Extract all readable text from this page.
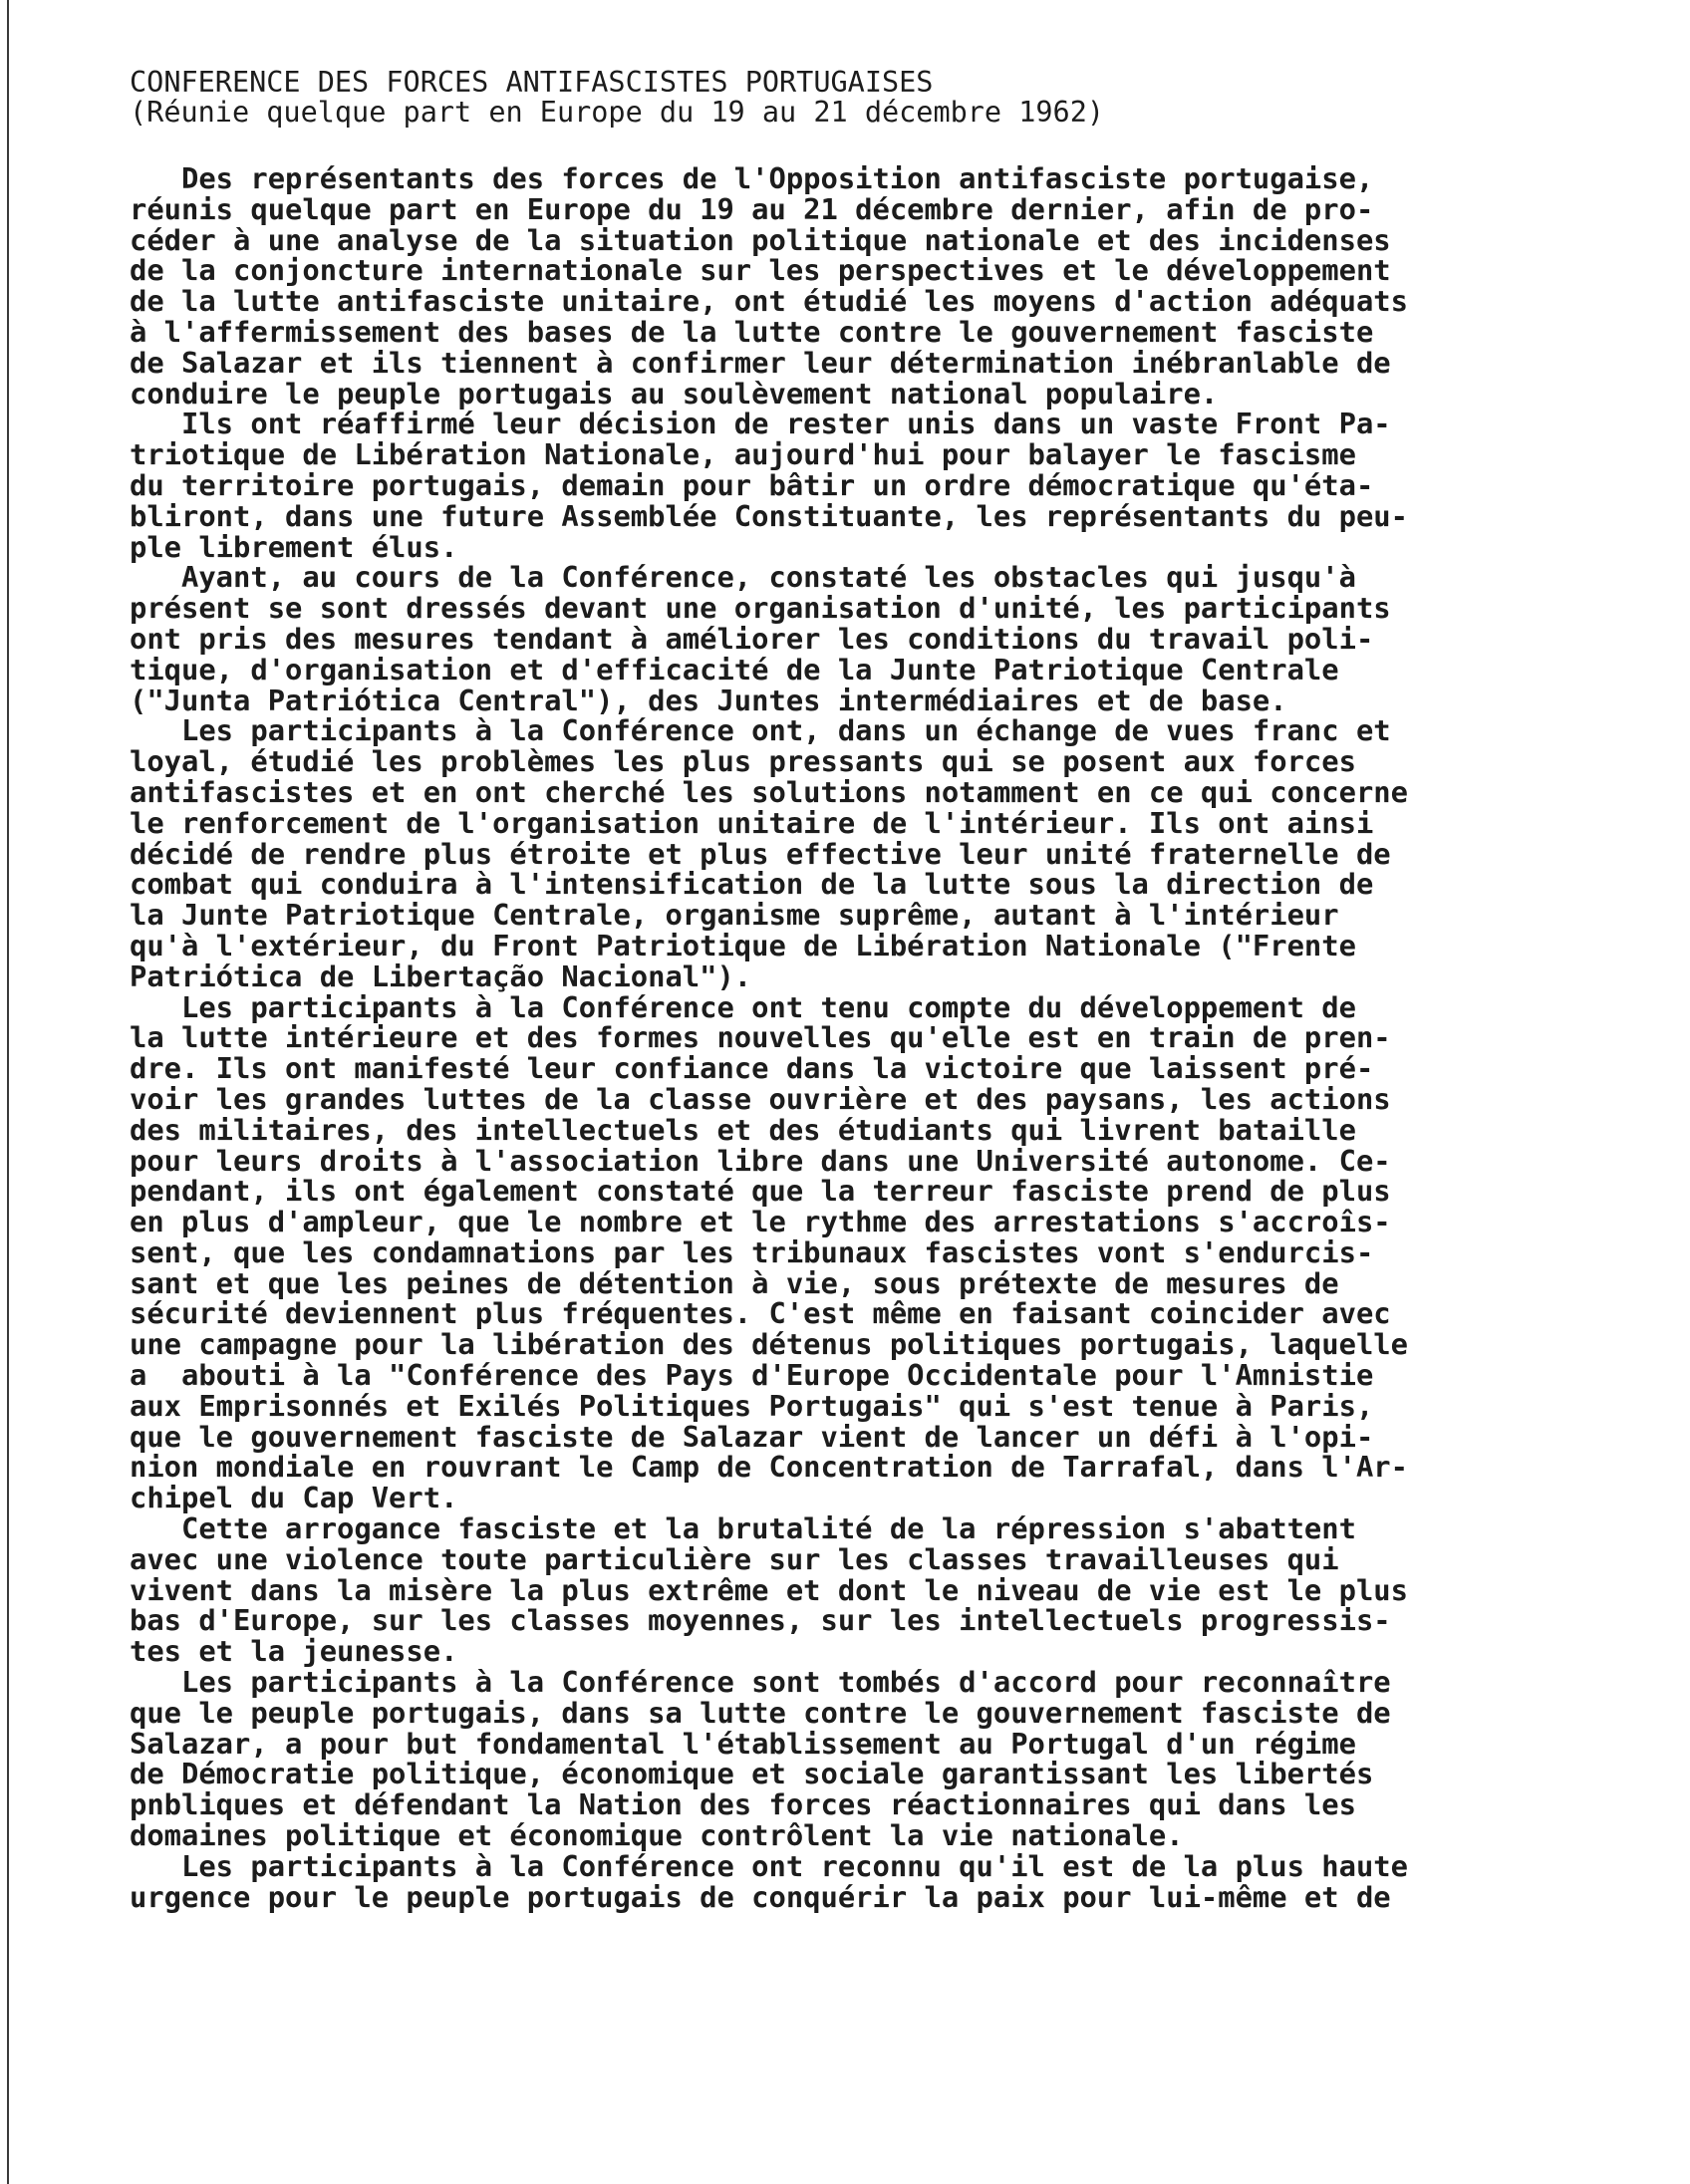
CONFERENCE DES FORCES ANTIFASCISTES PORTUGAISES
(Réunie quelque part en Europe du 19 au 21 décembre 1962)
Des représentants des forces de l'Opposition antifasciste portugaise,
réunis quelque part en Europe du 19 au 21 décembre dernier, afin de pro-
céder à une analyse de la situation politique nationale et des incidenses
de la conjoncture internationale sur les perspectives et le développement
de la lutte antifasciste unitaire, ont étudié les moyens d'action adéquats
à l'affermissement des bases de la lutte contre le gouvernement fasciste
de Salazar et ils tiennent à confirmer leur détermination inébranlable de
conduire le peuple portugais au soulèvement national populaire.
Ils ont réaffirmé leur décision de rester unis dans un vaste Front Pa-
triotique de Libération Nationale, aujourd'hui pour balayer le fascisme
du territoire portugais, demain pour bâtir un ordre démocratique qu'éta-
bliront, dans une future Assemblée Constituante, les représentants du peu-
ple librement élus.
Ayant, au cours de la Conférence, constaté les obstacles qui jusqu'à
présent se sont dressés devant une organisation d'unité, les participants
ont pris des mesures tendant à améliorer les conditions du travail poli-
tique, d'organisation et d'efficacité de la Junte Patriotique Centrale
("Junta Patriótica Central"), des Juntes intermédiaires et de base.
Les participants à la Conférence ont, dans un échange de vues franc et
loyal, étudié les problèmes les plus pressants qui se posent aux forces
antifascistes et en ont cherché les solutions notamment en ce qui concerne
le renforcement de l'organisation unitaire de l'intérieur. Ils ont ainsi
décidé de rendre plus étroite et plus effective leur unité fraternelle de
combat qui conduira à l'intensification de la lutte sous la direction de
la Junte Patriotique Centrale, organisme suprême, autant à l'intérieur
qu'à l'extérieur, du Front Patriotique de Libération Nationale ("Frente
Patriótica de Libertação Nacional").
Les participants à la Conférence ont tenu compte du développement de
la lutte intérieure et des formes nouvelles qu'elle est en train de pren-
dre. Ils ont manifesté leur confiance dans la victoire que laissent pré-
voir les grandes luttes de la classe ouvrière et des paysans, les actions
des militaires, des intellectuels et des étudiants qui livrent bataille
pour leurs droits à l'association libre dans une Université autonome. Ce-
pendant, ils ont également constaté que la terreur fasciste prend de plus
en plus d'ampleur, que le nombre et le rythme des arrestations s'accroîs-
sent, que les condamnations par les tribunaux fascistes vont s'endurcis-
sant et que les peines de détention à vie, sous prétexte de mesures de
sécurité deviennent plus fréquentes. C'est même en faisant coincider avec
une campagne pour la libération des détenus politiques portugais, laquelle
a  abouti à la "Conférence des Pays d'Europe Occidentale pour l'Amnistie
aux Emprisonnés et Exilés Politiques Portugais" qui s'est tenue à Paris,
que le gouvernement fasciste de Salazar vient de lancer un défi à l'opi-
nion mondiale en rouvrant le Camp de Concentration de Tarrafal, dans l'Ar-
chipel du Cap Vert.
Cette arrogance fasciste et la brutalité de la répression s'abattent
avec une violence toute particulière sur les classes travailleuses qui
vivent dans la misère la plus extrême et dont le niveau de vie est le plus
bas d'Europe, sur les classes moyennes, sur les intellectuels progressis-
tes et la jeunesse.
Les participants à la Conférence sont tombés d'accord pour reconnaître
que le peuple portugais, dans sa lutte contre le gouvernement fasciste de
Salazar, a pour but fondamental l'établissement au Portugal d'un régime
de Démocratie politique, économique et sociale garantissant les libertés
pnbliques et défendant la Nation des forces réactionnaires qui dans les
domaines politique et économique contrôlent la vie nationale.
Les participants à la Conférence ont reconnu qu'il est de la plus haute
urgence pour le peuple portugais de conquérir la paix pour lui-même et de
